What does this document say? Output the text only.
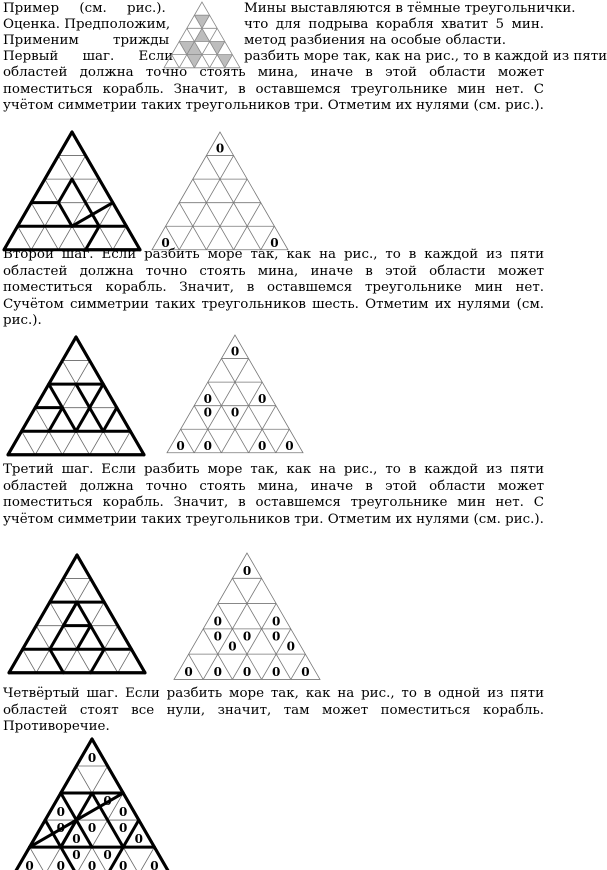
Пример (см. рис.).
Оценка. Предположим,
Применим трижды
Первый шаг. Если
Мины выставляются в тёмные треугольнички.
что для подрыва корабля хватит 5 мин.
метод разбиения на особые области.
разбить море так, как на рис., то в каждой из пяти
областей должна точно стоять мина, иначе в этой области может поместиться корабль. Значит, в оставшемся треугольнике мин нет. С учётом симметрии таких треугольников три. Отметим их нулями (см. рис.).
0
0	0
Второй шаг. Если разбить море так, как на рис., то в каждой из пяти областей должна точно стоять мина, иначе в этой области может поместиться корабль. Значит, в оставшемся треугольнике мин нет. Сучётом симметрии таких треугольников шесть. Отметим их нулями (см. рис.).
0
0	0
0
0 0	0 0
0
Третий шаг. Если разбить море так, как на рис., то в каждой из пяти областей должна точно стоять мина, иначе в этой области может поместиться корабль. Значит, в оставшемся треугольнике мин нет. С учётом симметрии таких треугольников три. Отметим их нулями (см. рис.).
0
0	0
0	0
0	0
0 0 0 0 0
0
Четвёртый шаг. Если разбить море так, как на рис., то в одной из пяти областей стоят все нули, значит, там может поместиться корабль. Противоречие.
0
0	0
0
0	0
0	0
0 0 0 0 0
0
0 0
